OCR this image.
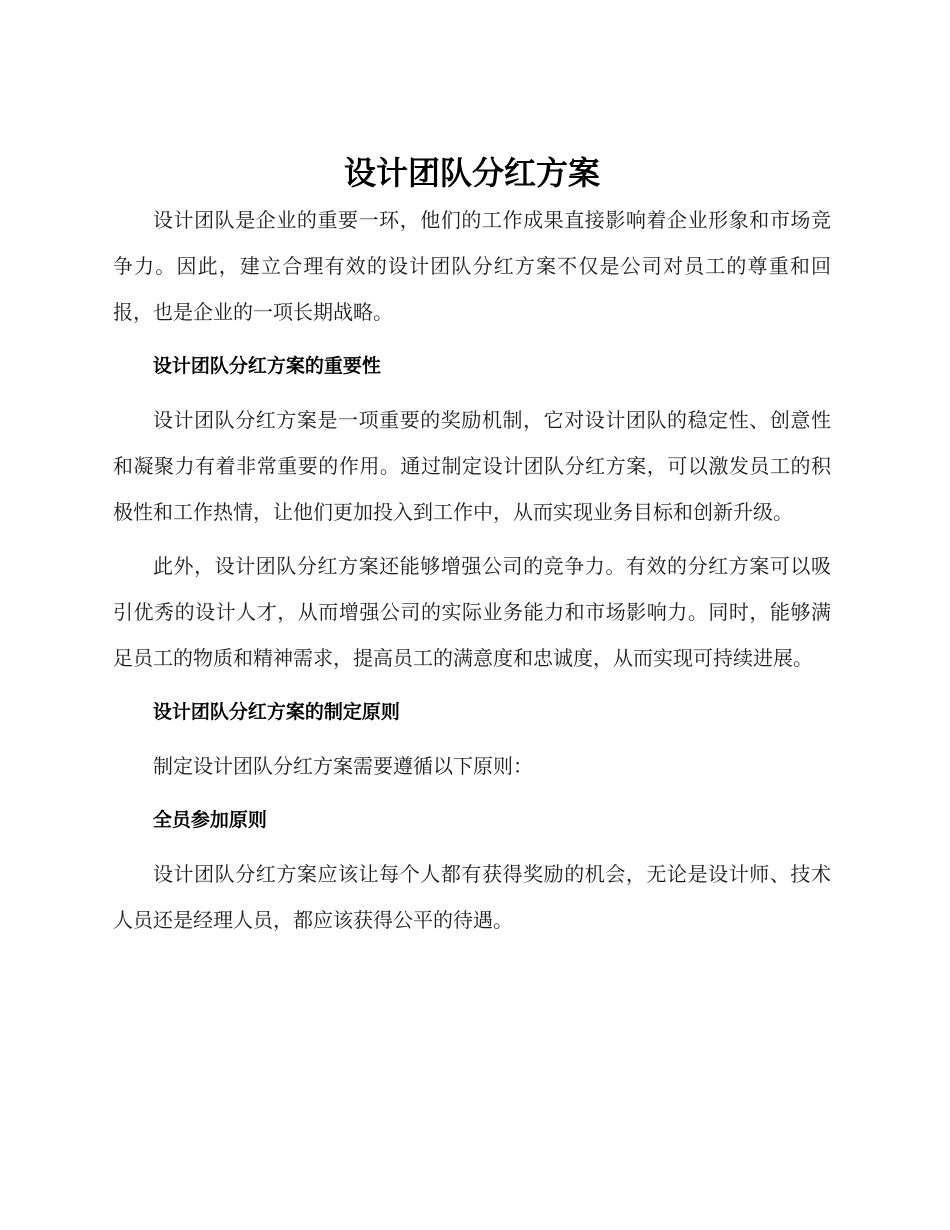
设计团队分红方案

设计团队是企业的重要一环，他们的工作成果直接影响着企业形象和市场竞争力。因此，建立合理有效的设计团队分红方案不仅是公司对员工的尊重和回报，也是企业的一项长期战略。

设计团队分红方案的重要性

设计团队分红方案是一项重要的奖励机制，它对设计团队的稳定性、创意性和凝聚力有着非常重要的作用。通过制定设计团队分红方案，可以激发员工的积极性和工作热情，让他们更加投入到工作中，从而实现业务目标和创新升级。

此外，设计团队分红方案还能够增强公司的竞争力。有效的分红方案可以吸引优秀的设计人才，从而增强公司的实际业务能力和市场影响力。同时，能够满足员工的物质和精神需求，提高员工的满意度和忠诚度，从而实现可持续进展。

设计团队分红方案的制定原则

制定设计团队分红方案需要遵循以下原则：

全员参加原则

设计团队分红方案应该让每个人都有获得奖励的机会，无论是设计师、技术人员还是经理人员，都应该获得公平的待遇。
